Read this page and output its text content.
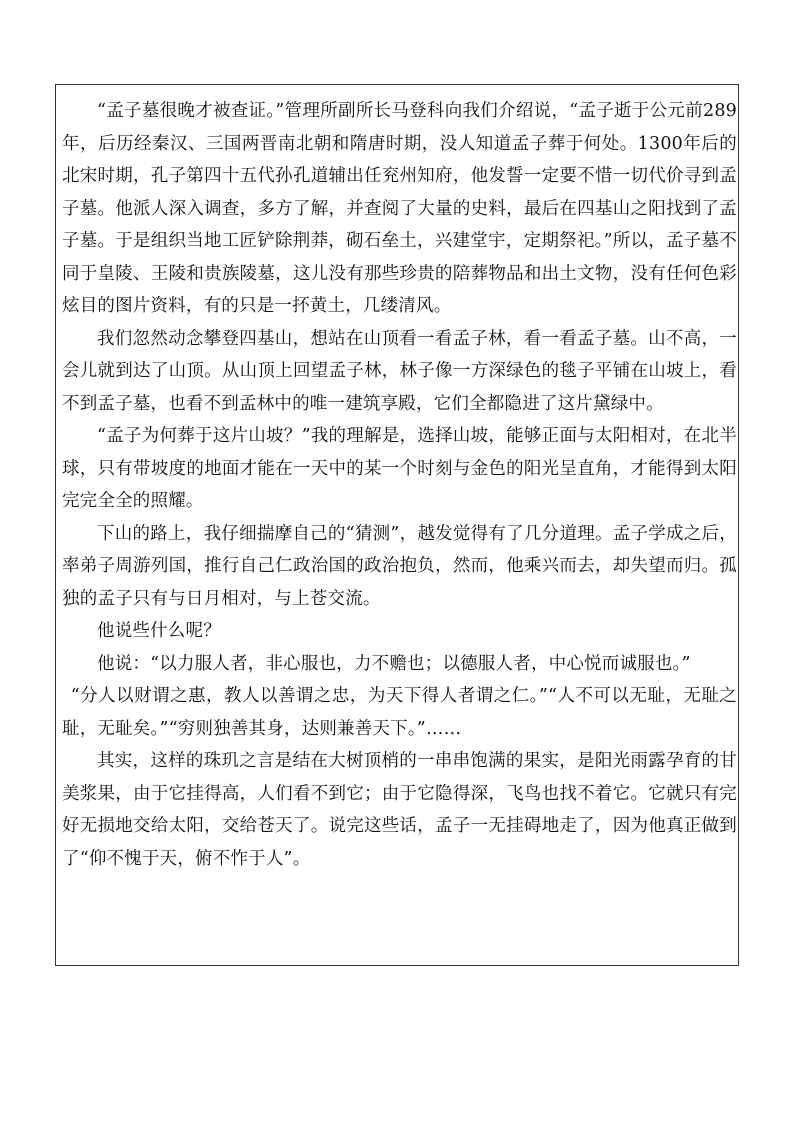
“孟子墓很晚才被查证。”管理所副所长马登科向我们介绍说，“孟子逝于公元前289年，后历经秦汉、三国两晋南北朝和隋唐时期，没人知道孟子葬于何处。1300年后的北宋时期，孔子第四十五代孙孔道辅出任兖州知府，他发誓一定要不惜一切代价寻到孟子墓。他派人深入调查，多方了解，并查阅了大量的史料，最后在四基山之阳找到了孟子墓。于是组织当地工匠铲除荆莽，砌石垒土，兴建堂宇，定期祭祀。”所以，孟子墓不同于皇陵、王陵和贵族陵墓，这儿没有那些珍贵的陪葬物品和出土文物，没有任何色彩炫目的图片资料，有的只是一抔黄土，几缕清风。

我们忽然动念攀登四基山，想站在山顶看一看孟子林，看一看孟子墓。山不高，一会儿就到达了山顶。从山顶上回望孟子林，林子像一方深绿色的毯子平铺在山坡上，看不到孟子墓，也看不到孟林中的唯一建筑享殿，它们全都隐进了这片黛绿中。

“孟子为何葬于这片山坡？”我的理解是，选择山坡，能够正面与太阳相对，在北半球，只有带坡度的地面才能在一天中的某一个时刻与金色的阳光呈直角，才能得到太阳完完全全的照耀。

下山的路上，我仔细揣摩自己的“猜测”，越发觉得有了几分道理。孟子学成之后，率弟子周游列国，推行自己仁政治国的政治抱负，然而，他乘兴而去，却失望而归。孤独的孟子只有与日月相对，与上苍交流。

他说些什么呢？

他说：“以力服人者，非心服也，力不赡也；以德服人者，中心悦而诚服也。”

“分人以财谓之惠，教人以善谓之忠，为天下得人者谓之仁。”“人不可以无耻，无耻之耻，无耻矣。”“穷则独善其身，达则兼善天下。”……

其实，这样的珠玑之言是结在大树顶梢的一串串饱满的果实，是阳光雨露孕育的甘美浆果，由于它挂得高，人们看不到它；由于它隐得深，飞鸟也找不着它。它就只有完好无损地交给太阳，交给苍天了。说完这些话，孟子一无挂碍地走了，因为他真正做到了“仰不愧于天，俯不怍于人”。
